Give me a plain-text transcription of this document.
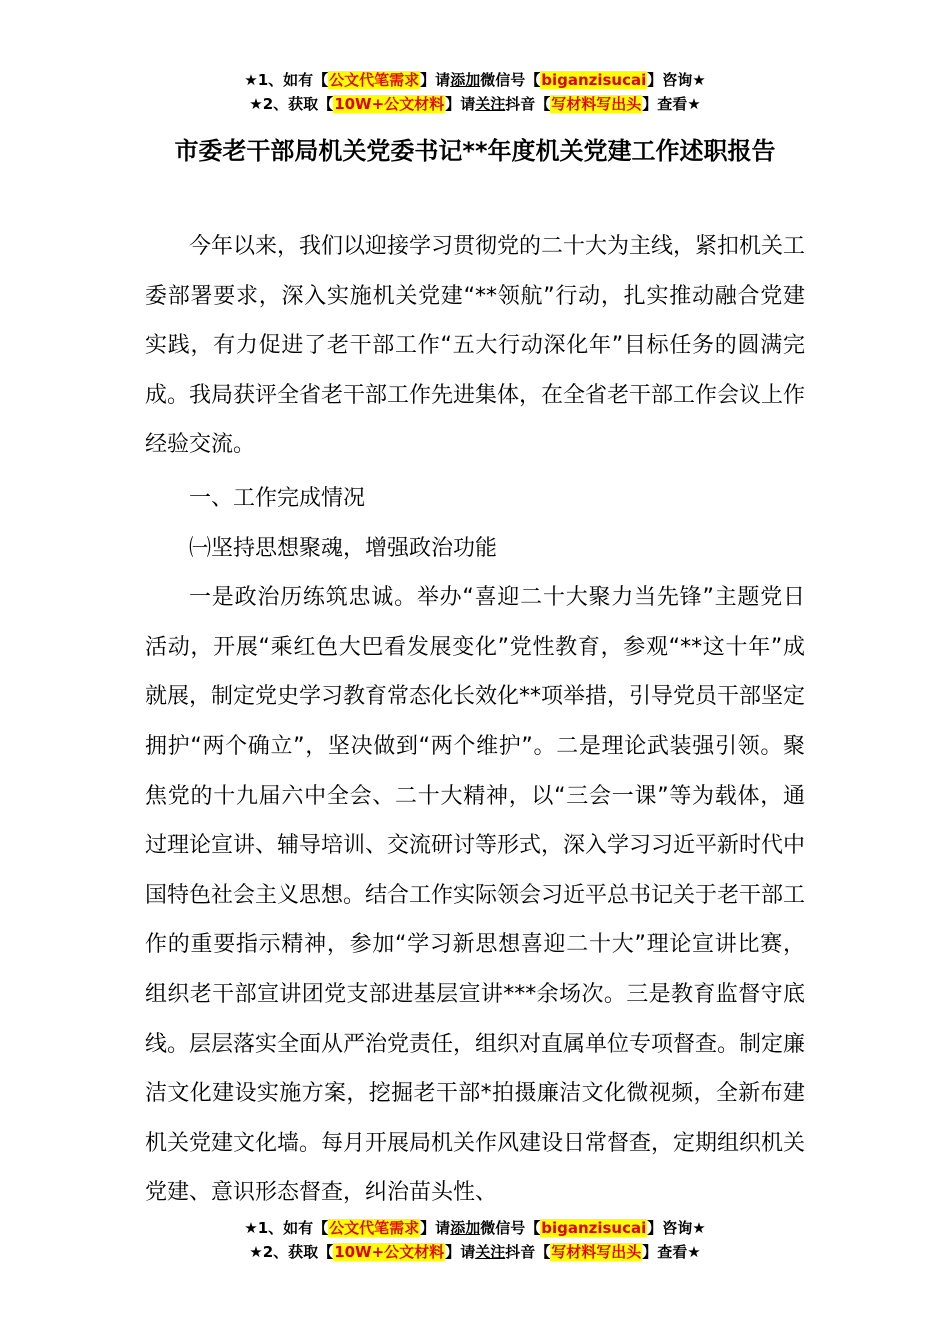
★1、如有【公文代笔需求】请添加微信号【biganzisucai】咨询★
★2、获取【10W+公文材料】请关注抖音【写材料写出头】查看★
市委老干部局机关党委书记**年度机关党建工作述职报告

今年以来，我们以迎接学习贯彻党的二十大为主线，紧扣机关工委部署要求，深入实施机关党建“**领航”行动，扎实推动融合党建实践，有力促进了老干部工作“五大行动深化年”目标任务的圆满完成。我局获评全省老干部工作先进集体，在全省老干部工作会议上作经验交流。

一、工作完成情况

㈠坚持思想聚魂，增强政治功能

一是政治历练筑忠诚。举办“喜迎二十大聚力当先锋”主题党日活动，开展“乘红色大巴看发展变化”党性教育，参观“**这十年”成就展，制定党史学习教育常态化长效化**项举措，引导党员干部坚定拥护“两个确立”，坚决做到“两个维护”。二是理论武装强引领。聚焦党的十九届六中全会、二十大精神，以“三会一课”等为载体，通过理论宣讲、辅导培训、交流研讨等形式，深入学习习近平新时代中国特色社会主义思想。结合工作实际领会习近平总书记关于老干部工作的重要指示精神，参加“学习新思想喜迎二十大”理论宣讲比赛，组织老干部宣讲团党支部进基层宣讲***余场次。三是教育监督守底线。层层落实全面从严治党责任，组织对直属单位专项督查。制定廉洁文化建设实施方案，挖掘老干部*拍摄廉洁文化微视频，全新布建机关党建文化墙。每月开展局机关作风建设日常督查，定期组织机关党建、意识形态督查，纠治苗头性、

★1、如有【公文代笔需求】请添加微信号【biganzisucai】咨询★
★2、获取【10W+公文材料】请关注抖音【写材料写出头】查看★
